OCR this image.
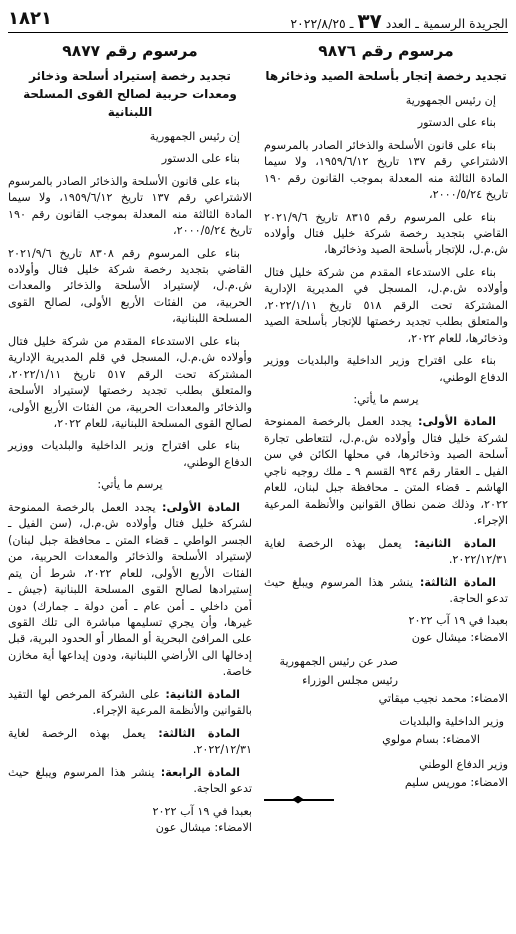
١٨٢١	الجريدة الرسمية ـ العدد ٣٧ ـ ٢٠٢٢/٨/٢٥
مرسوم رقم ٩٨٧٦
تجديد رخصة إتجار بأسلحة الصيد وذخائرها

إن رئيس الجمهورية

بناء على الدستور

بناء على قانون الأسلحة والذخائر الصادر بالمرسوم الاشتراعي رقم ١٣٧ تاريخ ١٩٥٩/٦/١٢، ولا سيما المادة الثالثة منه المعدلة بموجب القانون رقم ١٩٠ تاريخ ٢٠٠٠/٥/٢٤،

بناء على المرسوم رقم ٨٣١٥ تاريخ ٢٠٢١/٩/٦ القاضي بتجديد رخصة شركة خليل فتال وأولاده ش.م.ل، للإتجار بأسلحة الصيد وذخائرها،

بناء على الاستدعاء المقدم من شركة خليل فتال وأولاده ش.م.ل، المسجل في المديرية الإدارية المشتركة تحت الرقم ٥١٨ تاريخ ٢٠٢٢/١/١١، والمتعلق بطلب تجديد رخصتها للإتجار بأسلحة الصيد وذخائرها، للعام ٢٠٢٢،

بناء على اقتراح وزير الداخلية والبلديات ووزير الدفاع الوطني،

يرسم ما يأتي:

المادة الأولى: يجدد العمل بالرخصة الممنوحة لشركة خليل فتال وأولاده ش.م.ل، لتتعاطى تجارة أسلحة الصيد وذخائرها، في محلها الكائن في سن الفيل ـ العقار رقم ٩٣٤ القسم ٩ ـ ملك روجيه ناجي الهاشم ـ قضاء المتن ـ محافظة جبل لبنان، للعام ٢٠٢٢، وذلك ضمن نطاق القوانين والأنظمة المرعية الإجراء.

المادة الثانية: يعمل بهذه الرخصة لغاية ٢٠٢٢/١٢/٣١.

المادة الثالثة: ينشر هذا المرسوم ويبلغ حيث تدعو الحاجة.

بعبدا في ١٩ آب ٢٠٢٢

الامضاء: ميشال عون

صدر عن رئيس الجمهورية

رئيس مجلس الوزراء

الامضاء: محمد نجيب ميقاتي

وزير الداخلية والبلديات

الامضاء: بسام مولوي

وزير الدفاع الوطني

الامضاء: موريس سليم

مرسوم رقم ٩٨٧٧
تجديد رخصة إستيراد أسلحة وذخائر ومعدات حربية لصالح القوى المسلحة اللبنانية

إن رئيس الجمهورية

بناء على الدستور

بناء على قانون الأسلحة والذخائر الصادر بالمرسوم الاشتراعي رقم ١٣٧ تاريخ ١٩٥٩/٦/١٢، ولا سيما المادة الثالثة منه المعدلة بموجب القانون رقم ١٩٠ تاريخ ٢٠٠٠/٥/٢٤،

بناء على المرسوم رقم ٨٣٠٨ تاريخ ٢٠٢١/٩/٦ القاضي بتجديد رخصة شركة خليل فتال وأولاده ش.م.ل، لإستيراد الأسلحة والذخائر والمعدات الحربية، من الفئات الأربع الأولى، لصالح القوى المسلحة اللبنانية،

بناء على الاستدعاء المقدم من شركة خليل فتال وأولاده ش.م.ل، المسجل في قلم المديرية الإدارية المشتركة تحت الرقم ٥١٧ تاريخ ٢٠٢٢/١/١١، والمتعلق بطلب تجديد رخصتها لإستيراد الأسلحة والذخائر والمعدات الحربية، من الفئات الأربع الأولى، لصالح القوى المسلحة اللبنانية، للعام ٢٠٢٢،

بناء على اقتراح وزير الداخلية والبلديات ووزير الدفاع الوطني،

يرسم ما يأتي:

المادة الأولى: يجدد العمل بالرخصة الممنوحة لشركة خليل فتال وأولاده ش.م.ل، (سن الفيل ـ الجسر الواطي ـ قضاء المتن ـ محافظة جبل لبنان) لإستيراد الأسلحة والذخائر والمعدات الحربية، من الفئات الأربع الأولى، للعام ٢٠٢٢، شرط أن يتم إستيرادها لصالح القوى المسلحة اللبنانية (جيش ـ أمن داخلي ـ أمن عام ـ أمن دولة ـ جمارك) دون غيرها، وأن يجري تسليمها مباشرة الى تلك القوى على المرافئ البحرية أو المطار أو الحدود البرية، قبل إدخالها الى الأراضي اللبنانية، ودون إيداعها أية مخازن خاصة.

المادة الثانية: على الشركة المرخص لها التقيد بالقوانين والأنظمة المرعية الإجراء.

المادة الثالثة: يعمل بهذه الرخصة لغاية ٢٠٢٢/١٢/٣١.

المادة الرابعة: ينشر هذا المرسوم ويبلغ حيث تدعو الحاجة.

بعبدا في ١٩ آب ٢٠٢٢

الامضاء: ميشال عون
